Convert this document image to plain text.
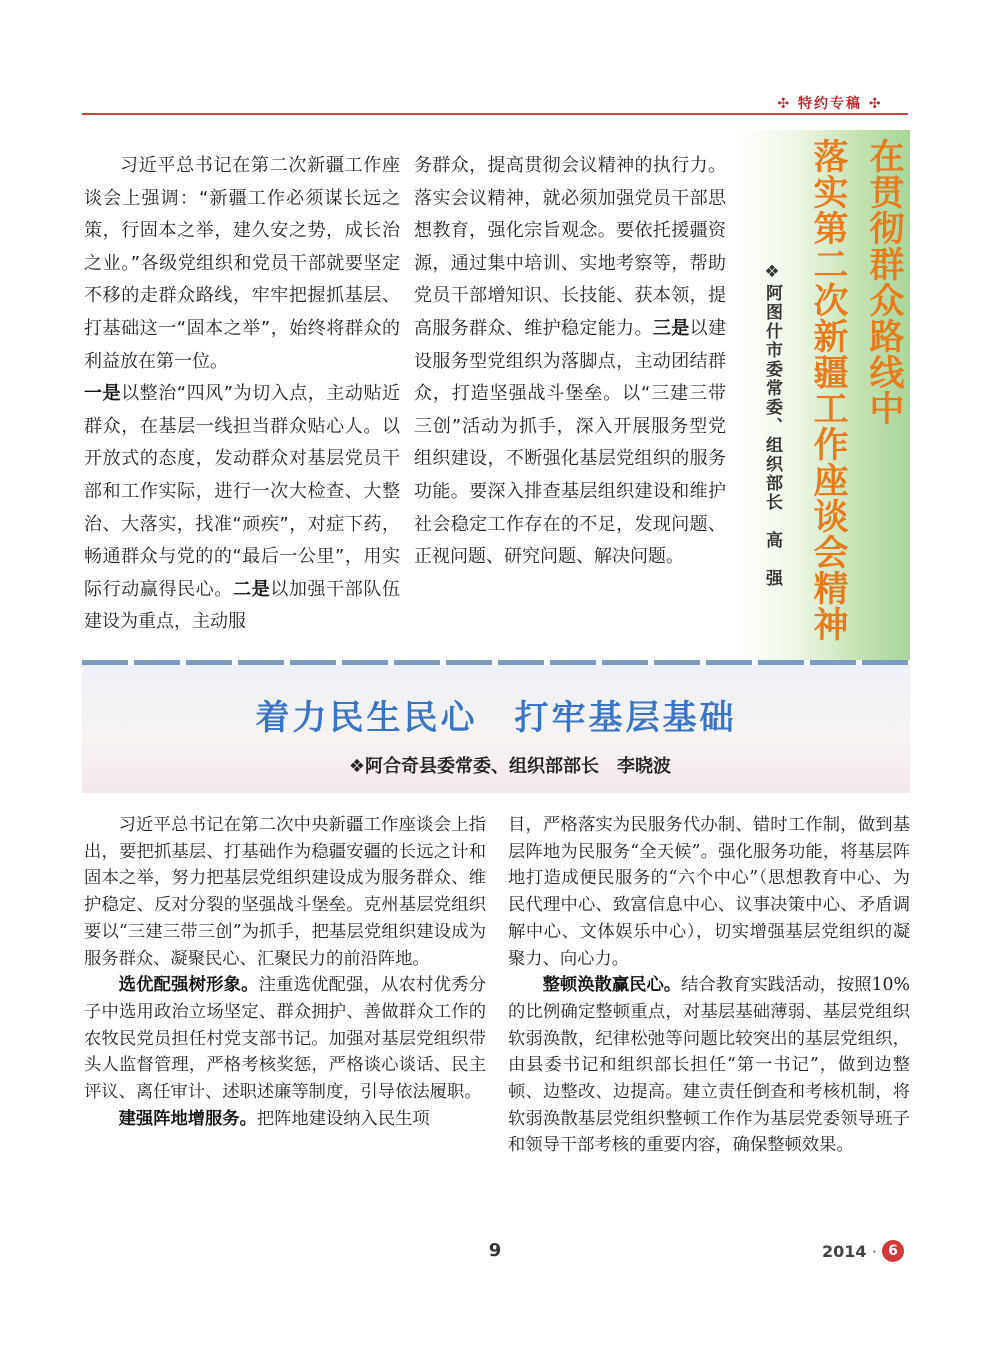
✣ 特约专稿 ✣
在贯彻群众路线中
落实第二次新疆工作座谈会精神

❖阿图什市委常委、组织部长　高　强

习近平总书记在第二次新疆工作座谈会上强调：“新疆工作必须谋长远之策，行固本之举，建久安之势，成长治之业。”各级党组织和党员干部就要坚定不移的走群众路线，牢牢把握抓基层、打基础这一“固本之举”，始终将群众的利益放在第一位。

一是以整治“四风”为切入点，主动贴近群众，在基层一线担当群众贴心人。以开放式的态度，发动群众对基层党员干部和工作实际，进行一次大检查、大整治、大落实，找准“顽疾”，对症下药，畅通群众与党的的“最后一公里”，用实际行动赢得民心。二是以加强干部队伍建设为重点，主动服

务群众，提高贯彻会议精神的执行力。落实会议精神，就必须加强党员干部思想教育，强化宗旨观念。要依托援疆资源，通过集中培训、实地考察等，帮助党员干部增知识、长技能、获本领，提高服务群众、维护稳定能力。三是以建设服务型党组织为落脚点，主动团结群众，打造坚强战斗堡垒。以“三建三带三创”活动为抓手，深入开展服务型党组织建设，不断强化基层党组织的服务功能。要深入排查基层组织建设和维护社会稳定工作存在的不足，发现问题、正视问题、研究问题、解决问题。

着力民生民心　打牢基层基础

❖阿合奇县委常委、组织部部长　李晓波

习近平总书记在第二次中央新疆工作座谈会上指出，要把抓基层、打基础作为稳疆安疆的长远之计和固本之举，努力把基层党组织建设成为服务群众、维护稳定、反对分裂的坚强战斗堡垒。克州基层党组织要以“三建三带三创”为抓手，把基层党组织建设成为服务群众、凝聚民心、汇聚民力的前沿阵地。

选优配强树形象。注重选优配强，从农村优秀分子中选用政治立场坚定、群众拥护、善做群众工作的农牧民党员担任村党支部书记。加强对基层党组织带头人监督管理，严格考核奖惩，严格谈心谈话、民主评议、离任审计、述职述廉等制度，引导依法履职。

建强阵地增服务。把阵地建设纳入民生项

目，严格落实为民服务代办制、错时工作制，做到基层阵地为民服务“全天候”。强化服务功能，将基层阵地打造成便民服务的“六个中心”（思想教育中心、为民代理中心、致富信息中心、议事决策中心、矛盾调解中心、文体娱乐中心），切实增强基层党组织的凝聚力、向心力。

整顿涣散赢民心。结合教育实践活动，按照10%的比例确定整顿重点，对基层基础薄弱、基层党组织软弱涣散，纪律松弛等问题比较突出的基层党组织，由县委书记和组织部长担任“第一书记”，做到边整顿、边整改、边提高。建立责任倒查和考核机制，将软弱涣散基层党组织整顿工作作为基层党委领导班子和领导干部考核的重要内容，确保整顿效果。

9	2014 · 6
